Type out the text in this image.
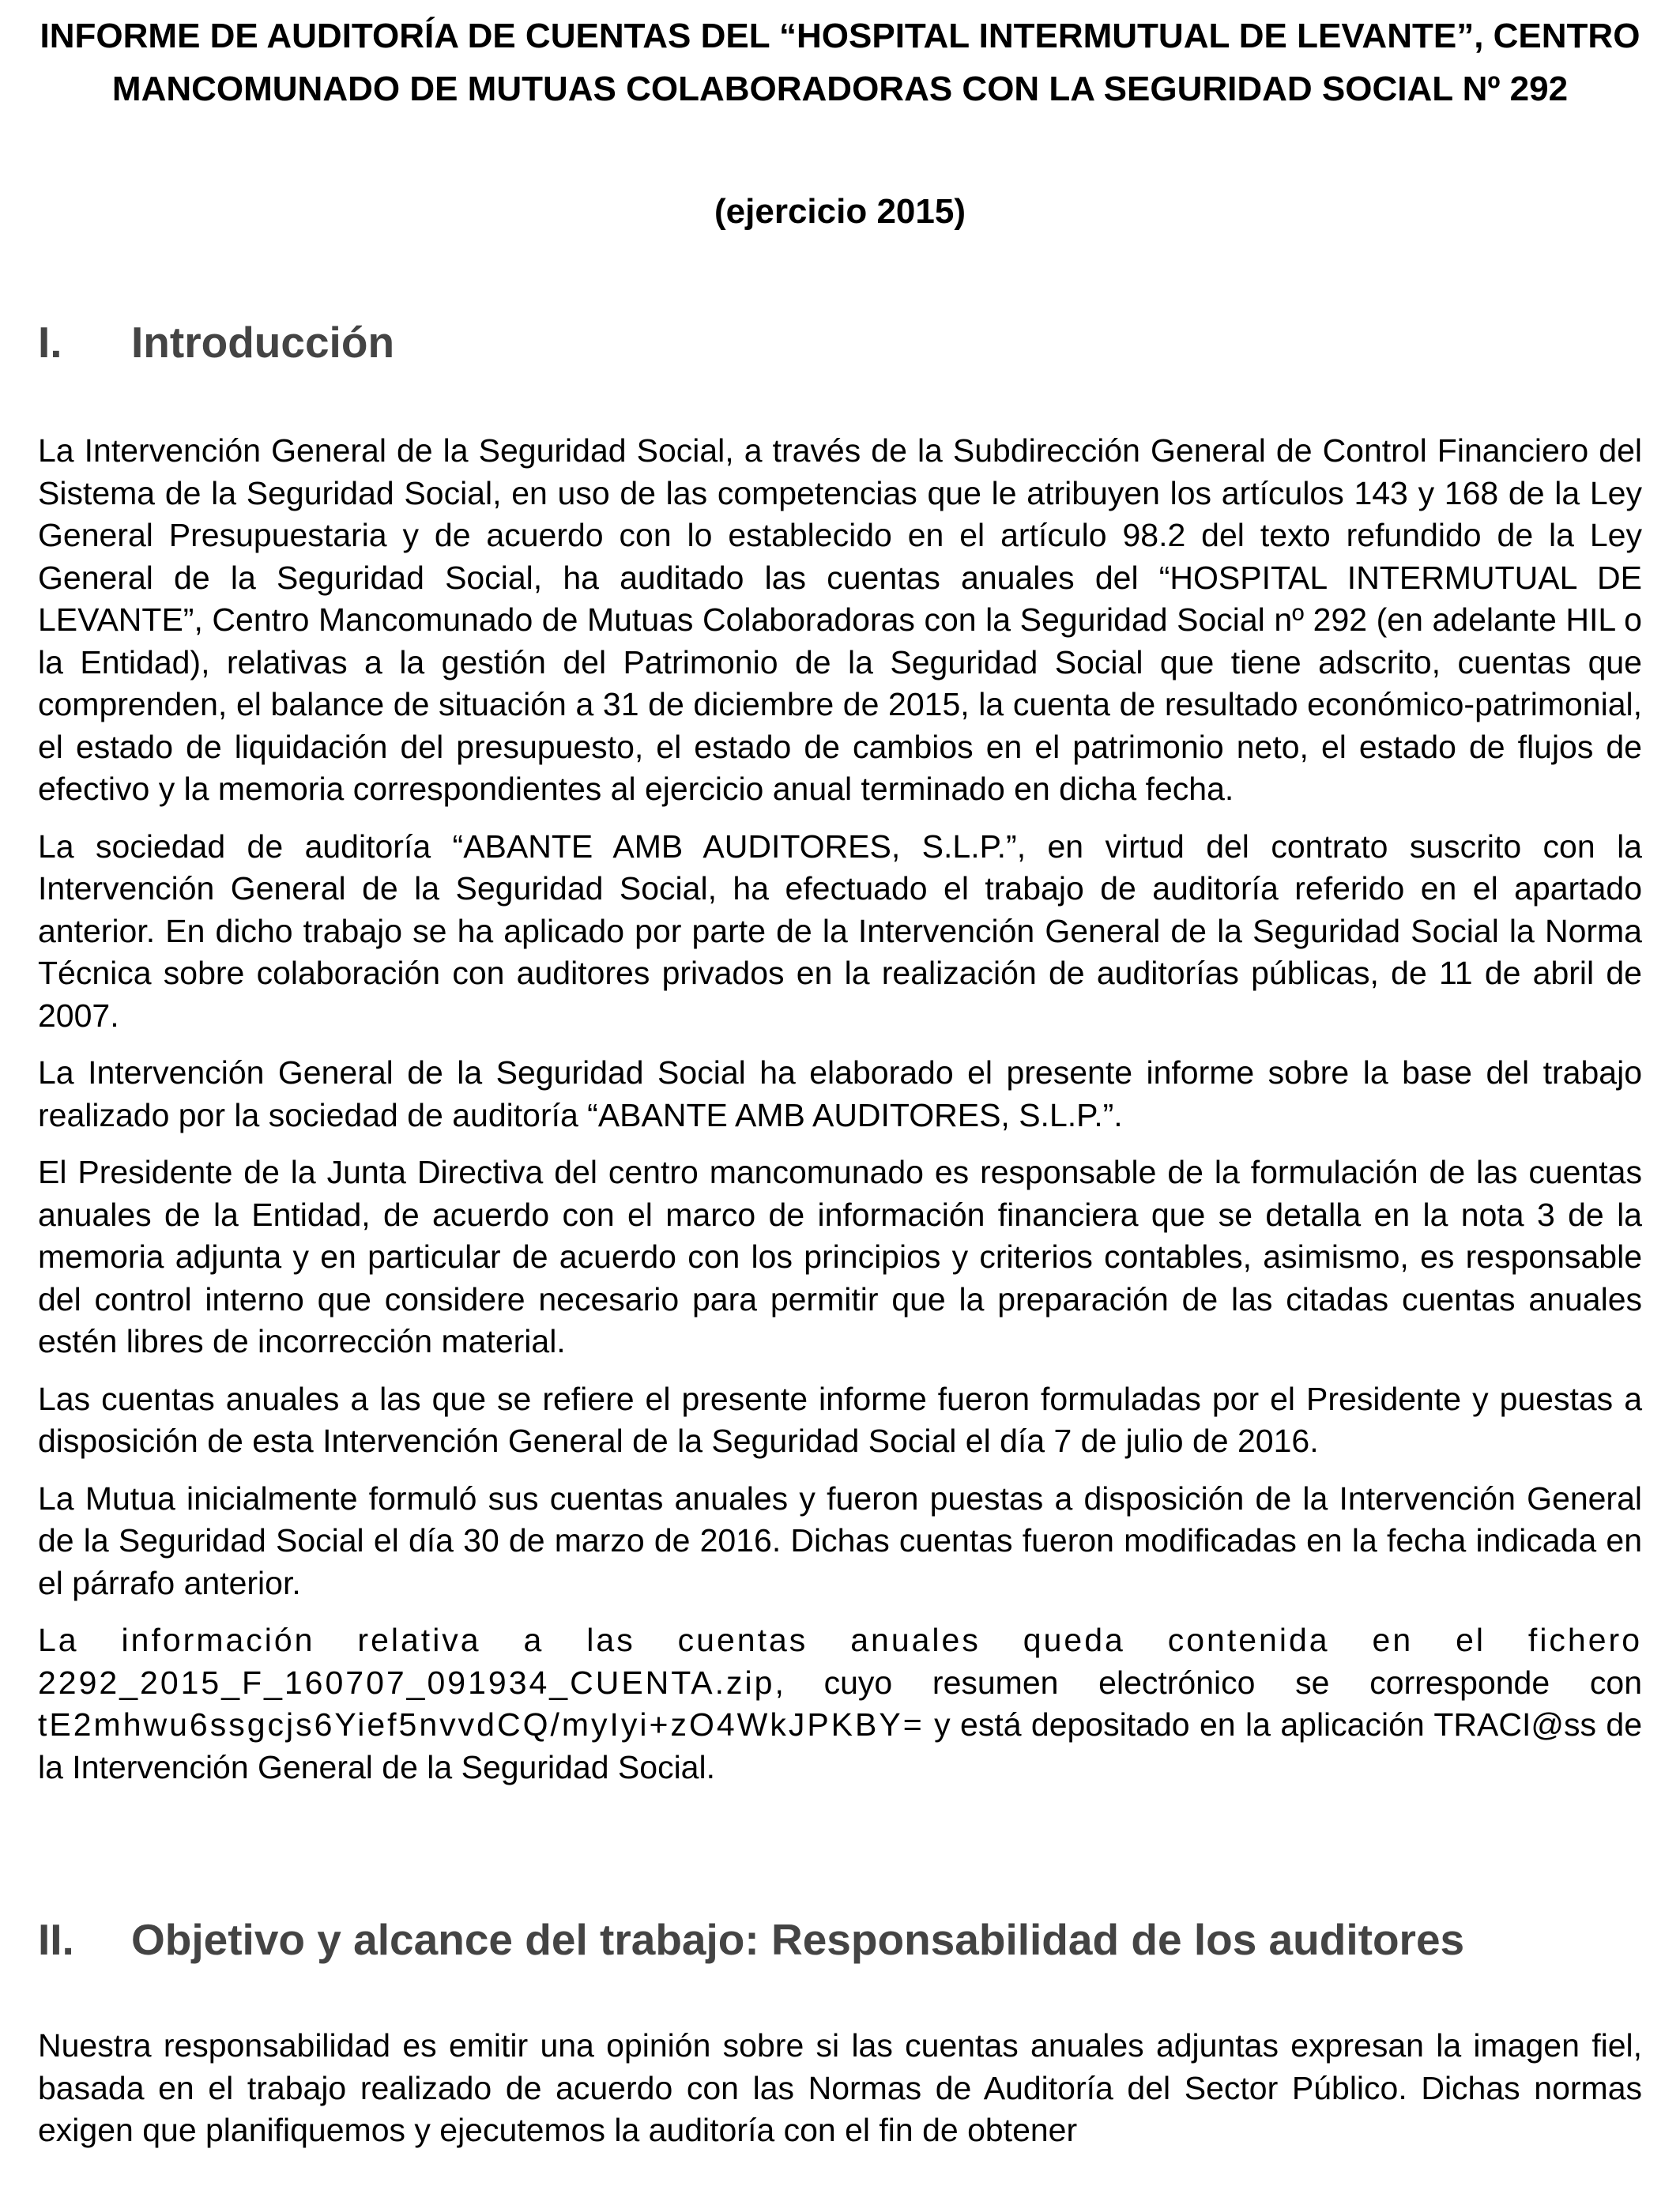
INFORME DE AUDITORÍA DE CUENTAS DEL “HOSPITAL INTERMUTUAL DE LEVANTE”, CENTRO MANCOMUNADO DE MUTUAS COLABORADORAS CON LA SEGURIDAD SOCIAL Nº 292
(ejercicio 2015)
I. Introducción

La Intervención General de la Seguridad Social, a través de la Subdirección General de Control Financiero del Sistema de la Seguridad Social, en uso de las competencias que le atribuyen los artículos 143 y 168 de la Ley General Presupuestaria y de acuerdo con lo establecido en el artículo 98.2 del texto refundido de la Ley General de la Seguridad Social, ha auditado las cuentas anuales del “HOSPITAL INTERMUTUAL DE LEVANTE”, Centro Mancomunado de Mutuas Colaboradoras con la Seguridad Social nº 292 (en adelante HIL o la Entidad), relativas a la gestión del Patrimonio de la Seguridad Social que tiene adscrito, cuentas que comprenden, el balance de situación a 31 de diciembre de 2015, la cuenta de resultado económico-patrimonial, el estado de liquidación del presupuesto, el estado de cambios en el patrimonio neto, el estado de flujos de efectivo y la memoria correspondientes al ejercicio anual terminado en dicha fecha.

La sociedad de auditoría “ABANTE AMB AUDITORES, S.L.P.”, en virtud del contrato suscrito con la Intervención General de la Seguridad Social, ha efectuado el trabajo de auditoría referido en el apartado anterior. En dicho trabajo se ha aplicado por parte de la Intervención General de la Seguridad Social la Norma Técnica sobre colaboración con auditores privados en la realización de auditorías públicas, de 11 de abril de 2007.

La Intervención General de la Seguridad Social ha elaborado el presente informe sobre la base del trabajo realizado por la sociedad de auditoría “ABANTE AMB AUDITORES, S.L.P.”.

El Presidente de la Junta Directiva del centro mancomunado es responsable de la formulación de las cuentas anuales de la Entidad, de acuerdo con el marco de información financiera que se detalla en la nota 3 de la memoria adjunta y en particular de acuerdo con los principios y criterios contables, asimismo, es responsable del control interno que considere necesario para permitir que la preparación de las citadas cuentas anuales estén libres de incorrección material.

Las cuentas anuales a las que se refiere el presente informe fueron formuladas por el Presidente y puestas a disposición de esta Intervención General de la Seguridad Social el día 7 de julio de 2016.

La Mutua inicialmente formuló sus cuentas anuales y fueron puestas a disposición de la Intervención General de la Seguridad Social el día 30 de marzo de 2016. Dichas cuentas fueron modificadas en la fecha indicada en el párrafo anterior.

La información relativa a las cuentas anuales queda contenida en el fichero 2292_2015_F_160707_091934_CUENTA.zip, cuyo resumen electrónico se corresponde con tE2mhwu6ssgcjs6Yief5nvvdCQ/myIyi+zO4WkJPKBY= y está depositado en la aplicación TRACI@ss de la Intervención General de la Seguridad Social.

II. Objetivo y alcance del trabajo: Responsabilidad de los auditores

Nuestra responsabilidad es emitir una opinión sobre si las cuentas anuales adjuntas expresan la imagen fiel, basada en el trabajo realizado de acuerdo con las Normas de Auditoría del Sector Público. Dichas normas exigen que planifiquemos y ejecutemos la auditoría con el fin de obtener
